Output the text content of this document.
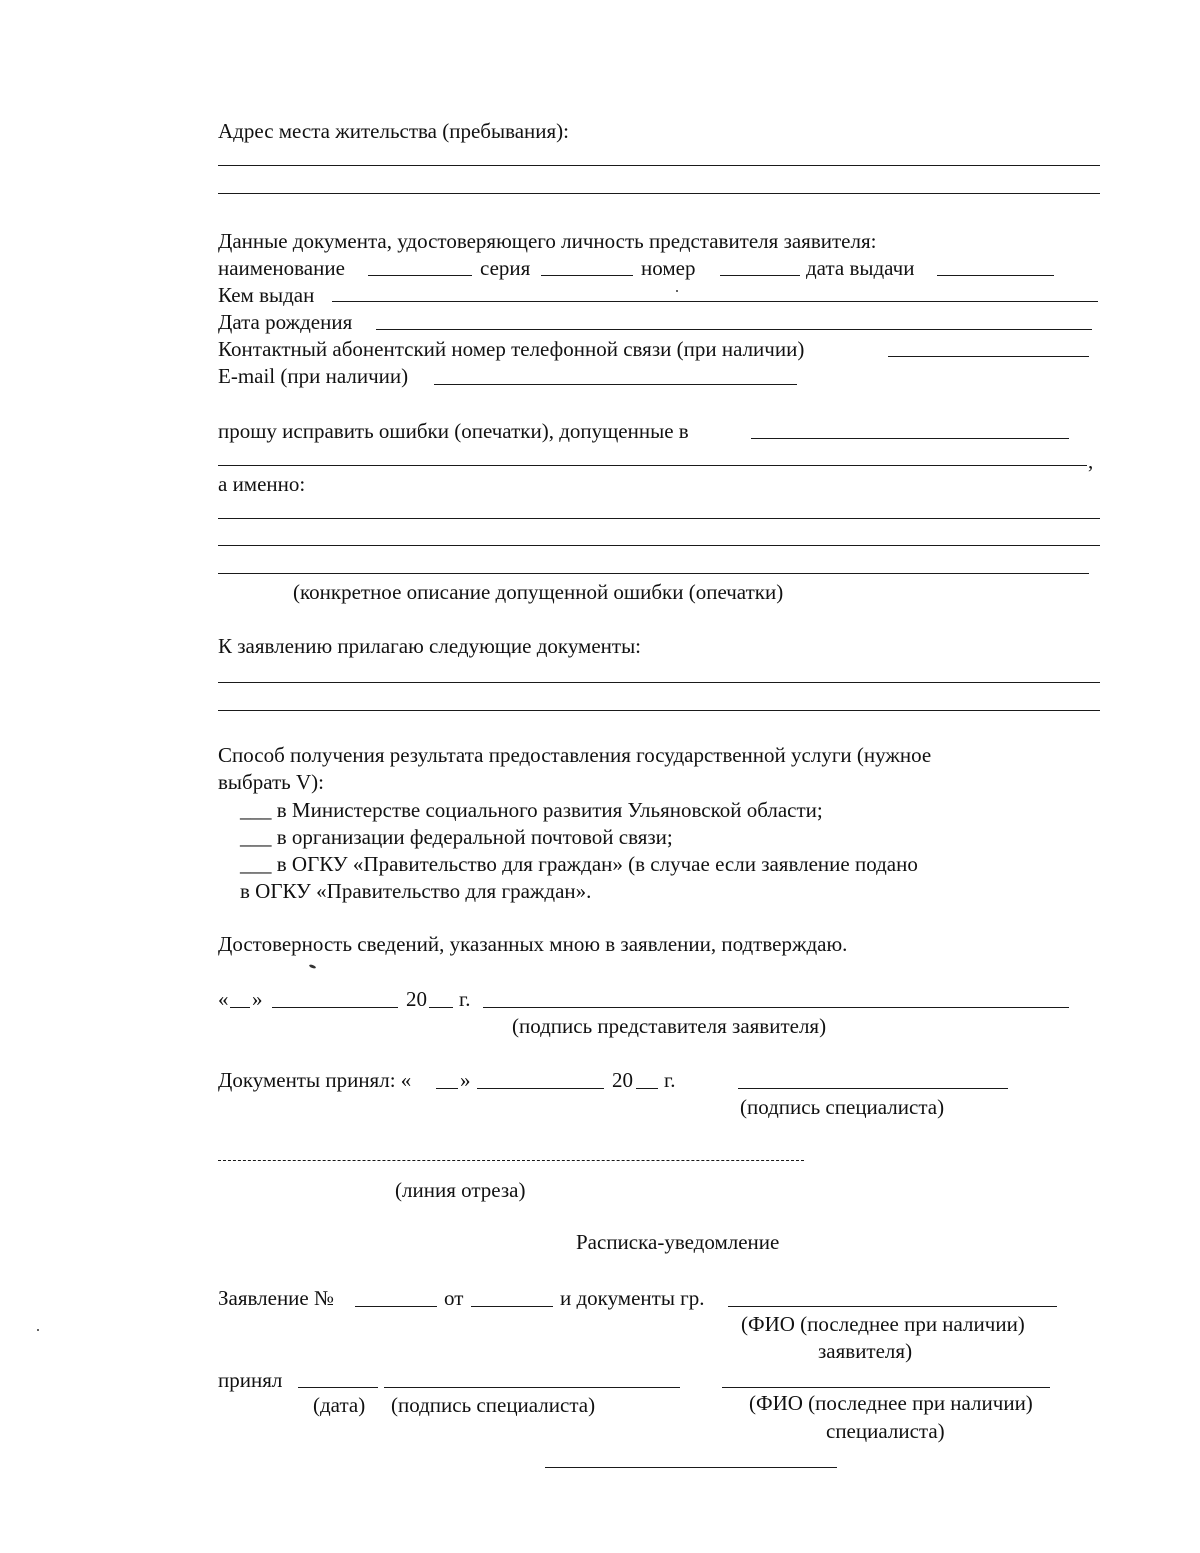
Адрес места жительства (пребывания):
Данные документа, удостоверяющего личность представителя заявителя:
наименование	серия	номер	дата выдачи
Кем выдан
Дата рождения
Контактный абонентский номер телефонной связи (при наличии)
E-mail (при наличии)
прошу исправить ошибки (опечатки), допущенные в
,
а именно:
(конкретное описание допущенной ошибки (опечатки)
К заявлению прилагаю следующие документы:
Способ получения результата предоставления государственной услуги (нужное
выбрать V):
___ в Министерстве социального развития Ульяновской области;
___ в организации федеральной почтовой связи;
___ в ОГКУ «Правительство для граждан» (в случае если заявление подано
в ОГКУ «Правительство для граждан».
Достоверность сведений, указанных мною в заявлении, подтверждаю.
« »	20 г.
(подпись представителя заявителя)
Документы принял: « »	20 г.
(подпись специалиста)
(линия отреза)
Расписка-уведомление
Заявление №	от	и документы гр.
(ФИО (последнее при наличии)
заявителя)
принял
(дата) (подпись специалиста)	(ФИО (последнее при наличии)
специалиста)
